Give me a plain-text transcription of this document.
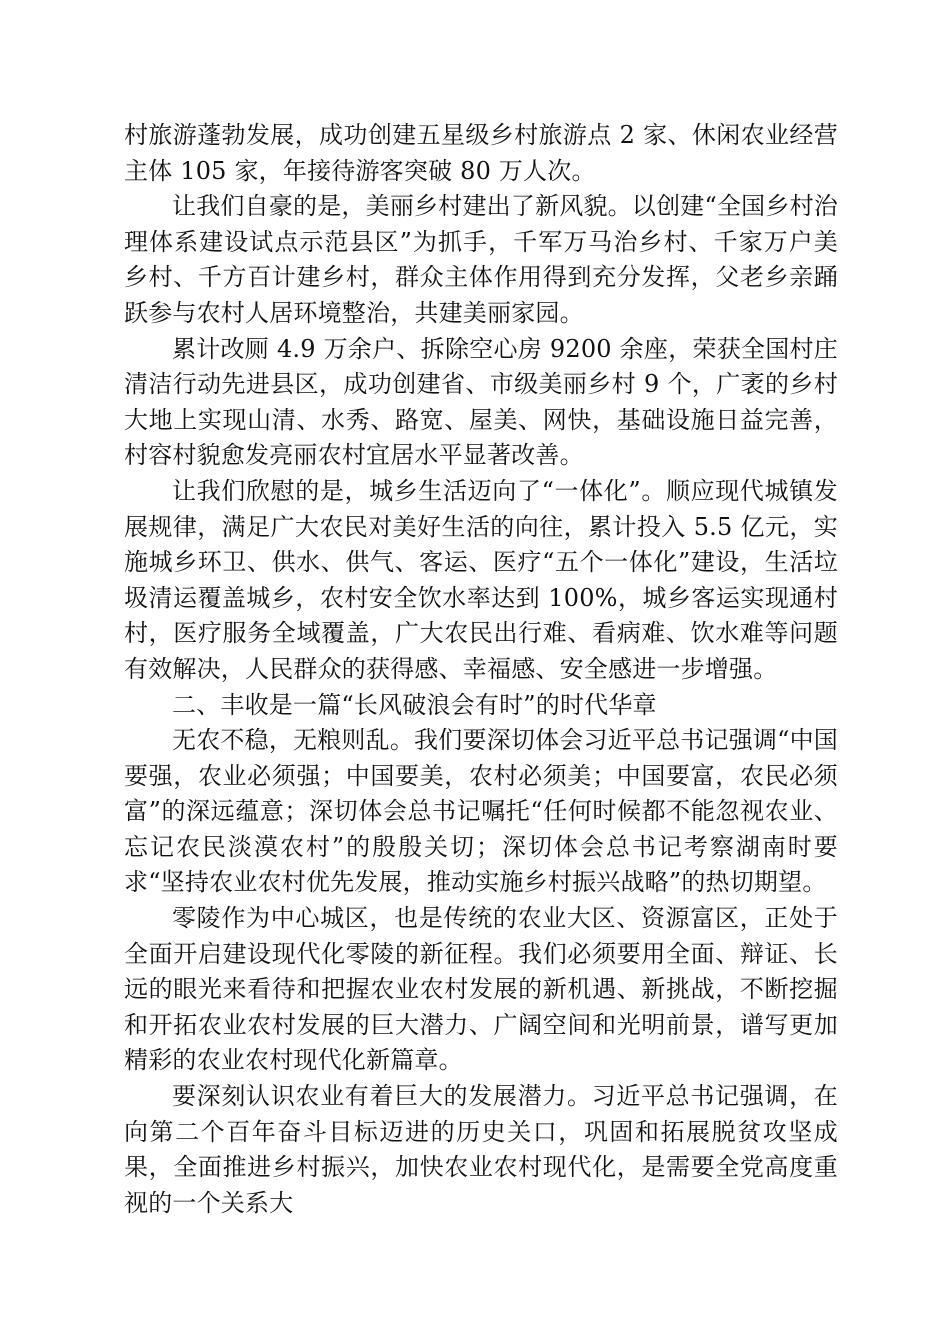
村旅游蓬勃发展，成功创建五星级乡村旅游点 2 家、休闲农业经营主体 105 家，年接待游客突破 80 万人次。

让我们自豪的是，美丽乡村建出了新风貌。以创建“全国乡村治理体系建设试点示范县区”为抓手，千军万马治乡村、千家万户美乡村、千方百计建乡村，群众主体作用得到充分发挥，父老乡亲踊跃参与农村人居环境整治，共建美丽家园。

累计改厕 4.9 万余户、拆除空心房 9200 余座，荣获全国村庄清洁行动先进县区，成功创建省、市级美丽乡村 9 个，广袤的乡村大地上实现山清、水秀、路宽、屋美、网快，基础设施日益完善，村容村貌愈发亮丽农村宜居水平显著改善。

让我们欣慰的是，城乡生活迈向了“一体化”。顺应现代城镇发展规律，满足广大农民对美好生活的向往，累计投入 5.5 亿元，实施城乡环卫、供水、供气、客运、医疗“五个一体化”建设，生活垃圾清运覆盖城乡，农村安全饮水率达到 100%，城乡客运实现通村村，医疗服务全域覆盖，广大农民出行难、看病难、饮水难等问题有效解决，人民群众的获得感、幸福感、安全感进一步增强。

二、丰收是一篇“长风破浪会有时”的时代华章

无农不稳，无粮则乱。我们要深切体会习近平总书记强调“中国要强，农业必须强；中国要美，农村必须美；中国要富，农民必须富”的深远蕴意；深切体会总书记嘱托“任何时候都不能忽视农业、忘记农民淡漠农村”的殷殷关切；深切体会总书记考察湖南时要求“坚持农业农村优先发展，推动实施乡村振兴战略”的热切期望。

零陵作为中心城区，也是传统的农业大区、资源富区，正处于全面开启建设现代化零陵的新征程。我们必须要用全面、辩证、长远的眼光来看待和把握农业农村发展的新机遇、新挑战，不断挖掘和开拓农业农村发展的巨大潜力、广阔空间和光明前景，谱写更加精彩的农业农村现代化新篇章。

要深刻认识农业有着巨大的发展潜力。习近平总书记强调，在向第二个百年奋斗目标迈进的历史关口，巩固和拓展脱贫攻坚成果，全面推进乡村振兴，加快农业农村现代化，是需要全党高度重视的一个关系大
